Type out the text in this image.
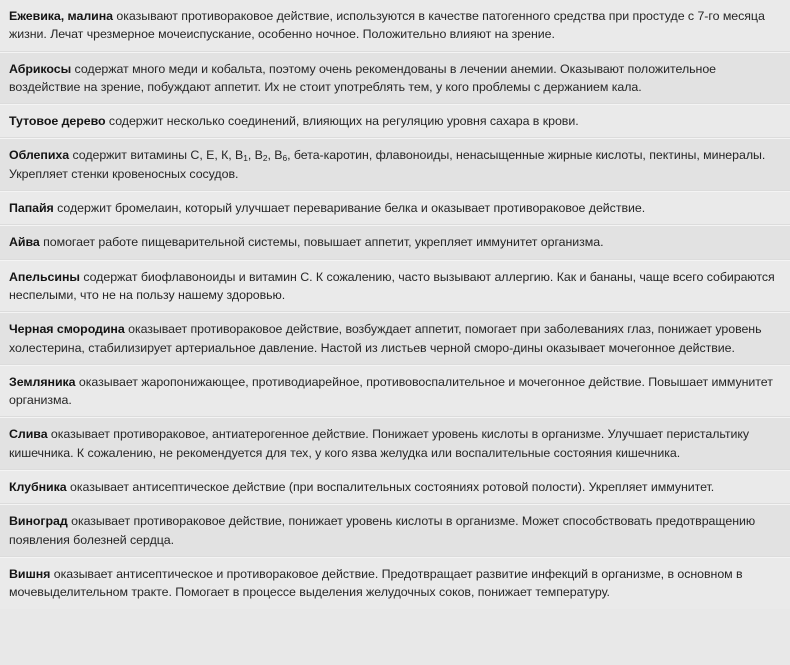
Ежевика, малина оказывают противораковое действие, используются в качестве патогенного средства при простуде с 7-го месяца жизни. Лечат чрезмерное мочеиспускание, особенно ночное. Положительно влияют на зрение.
Абрикосы содержат много меди и кобальта, поэтому очень рекомендованы в лечении анемии. Оказывают положительное воздействие на зрение, побуждают аппетит. Их не стоит употреблять тем, у кого проблемы с держанием кала.
Тутовое дерево содержит несколько соединений, влияющих на регуляцию уровня сахара в крови.
Облепиха содержит витамины С, Е, К, $В_1$, $В_2$, $В_6$, бета-каротин, флавоноиды, ненасыщенные жирные кислоты, пектины, минералы. Укрепляет стенки кровеносных сосудов.
Папайя содержит бромелаин, который улучшает переваривание белка и оказывает противораковое действие.
Айва помогает работе пищеварительной системы, повышает аппетит, укрепляет иммунитет организма.
Апельсины содержат биофлавоноиды и витамин С. К сожалению, часто вызывают аллергию. Как и бананы, чаще всего собираются неспелыми, что не на пользу нашему здоровью.
Черная смородина оказывает противораковое действие, возбуждает аппетит, помогает при заболеваниях глаз, понижает уровень холестерина, стабилизирует артериальное давление. Настой из листьев черной сморо-дины оказывает мочегонное действие.
Земляника оказывает жаропонижающее, противодиарейное, противовоспалительное и мочегонное действие. Повышает иммунитет организма.
Слива оказывает противораковое, антиатерогенное действие. Понижает уровень кислоты в организме. Улучшает перистальтику кишечника. К сожалению, не рекомендуется для тех, у кого язва желудка или воспалительные состояния кишечника.
Клубника оказывает антисептическое действие (при воспалительных состояниях ротовой полости). Укрепляет иммунитет.
Виноград оказывает противораковое действие, понижает уровень кислоты в организме. Может способствовать предотвращению появления болезней сердца.
Вишня оказывает антисептическое и противораковое действие. Предотвращает развитие инфекций в организме, в основном в мочевыделительном тракте. Помогает в процессе выделения желудочных соков, понижает температуру.
